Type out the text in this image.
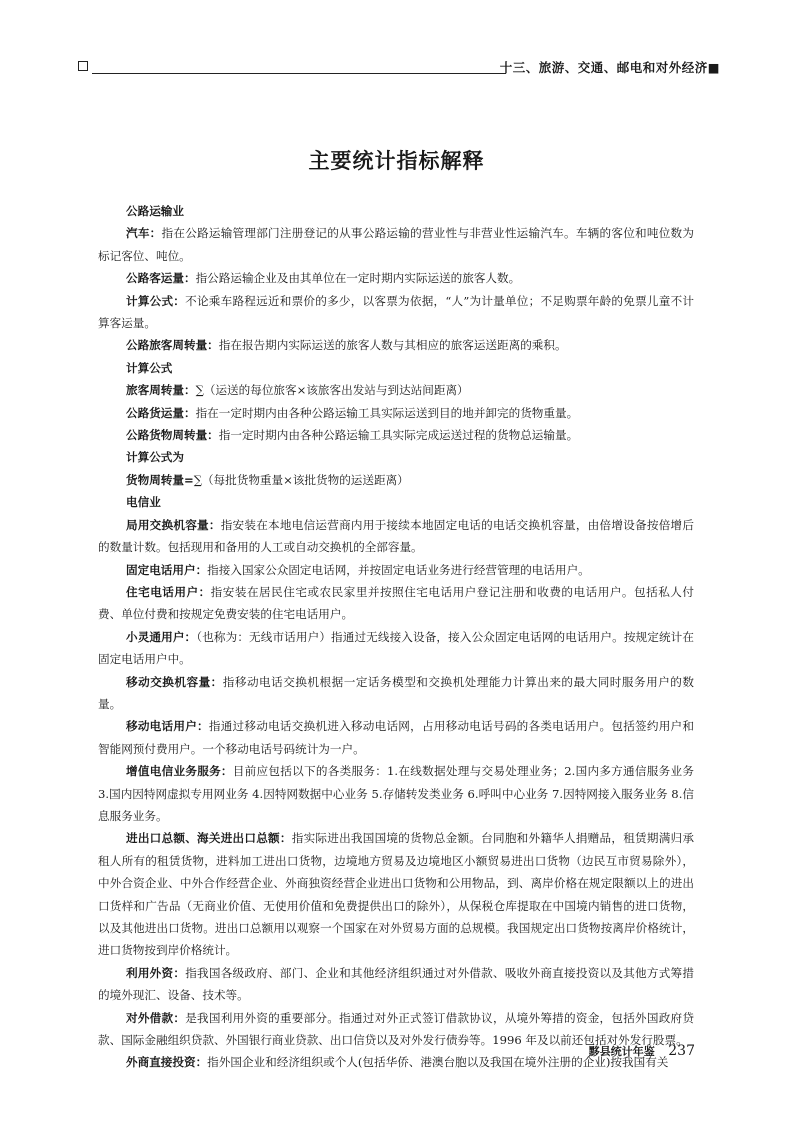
十三、旅游、交通、邮电和对外经济■
主要统计指标解释

公路运输业

汽车：指在公路运输管理部门注册登记的从事公路运输的营业性与非营业性运输汽车。车辆的客位和吨位数为标记客位、吨位。

公路客运量：指公路运输企业及由其单位在一定时期内实际运送的旅客人数。

计算公式：不论乘车路程远近和票价的多少，以客票为依据，“人”为计量单位；不足购票年龄的免票儿童不计算客运量。

公路旅客周转量：指在报告期内实际运送的旅客人数与其相应的旅客运送距离的乘积。

计算公式

旅客周转量：∑（运送的每位旅客×该旅客出发站与到达站间距离）

公路货运量：指在一定时期内由各种公路运输工具实际运送到目的地并卸完的货物重量。

公路货物周转量：指一定时期内由各种公路运输工具实际完成运送过程的货物总运输量。

计算公式为

货物周转量=∑（每批货物重量×该批货物的运送距离）

电信业

局用交换机容量：指安装在本地电信运营商内用于接续本地固定电话的电话交换机容量，由倍增设备按倍增后的数量计数。包括现用和备用的人工或自动交换机的全部容量。

固定电话用户：指接入国家公众固定电话网，并按固定电话业务进行经营管理的电话用户。

住宅电话用户：指安装在居民住宅或农民家里并按照住宅电话用户登记注册和收费的电话用户。包括私人付费、单位付费和按规定免费安装的住宅电话用户。

小灵通用户：（也称为：无线市话用户）指通过无线接入设备，接入公众固定电话网的电话用户。按规定统计在固定电话用户中。

移动交换机容量：指移动电话交换机根据一定话务模型和交换机处理能力计算出来的最大同时服务用户的数量。

移动电话用户：指通过移动电话交换机进入移动电话网，占用移动电话号码的各类电话用户。包括签约用户和智能网预付费用户。一个移动电话号码统计为一户。

增值电信业务服务：目前应包括以下的各类服务：1.在线数据处理与交易处理业务；2.国内多方通信服务业务 3.国内因特网虚拟专用网业务 4.因特网数据中心业务 5.存储转发类业务 6.呼叫中心业务 7.因特网接入服务业务 8.信息服务业务。

进出口总额、海关进出口总额：指实际进出我国国境的货物总金额。台同胞和外籍华人捐赠品，租赁期满归承租人所有的租赁货物，进料加工进出口货物，边境地方贸易及边境地区小额贸易进出口货物（边民互市贸易除外），中外合资企业、中外合作经营企业、外商独资经营企业进出口货物和公用物品，到、离岸价格在规定限额以上的进出口货样和广告品（无商业价值、无使用价值和免费提供出口的除外），从保税仓库提取在中国境内销售的进口货物，以及其他进出口货物。进出口总额用以观察一个国家在对外贸易方面的总规模。我国规定出口货物按离岸价格统计，进口货物按到岸价格统计。

利用外资：指我国各级政府、部门、企业和其他经济组织通过对外借款、吸收外商直接投资以及其他方式筹措的境外现汇、设备、技术等。

对外借款：是我国利用外资的重要部分。指通过对外正式签订借款协议，从境外筹措的资金，包括外国政府贷款、国际金融组织贷款、外国银行商业贷款、出口信贷以及对外发行债券等。1996 年及以前还包括对外发行股票。

外商直接投资：指外国企业和经济组织或个人(包括华侨、港澳台胞以及我国在境外注册的企业)按我国有关

黟县统计年鉴 237
